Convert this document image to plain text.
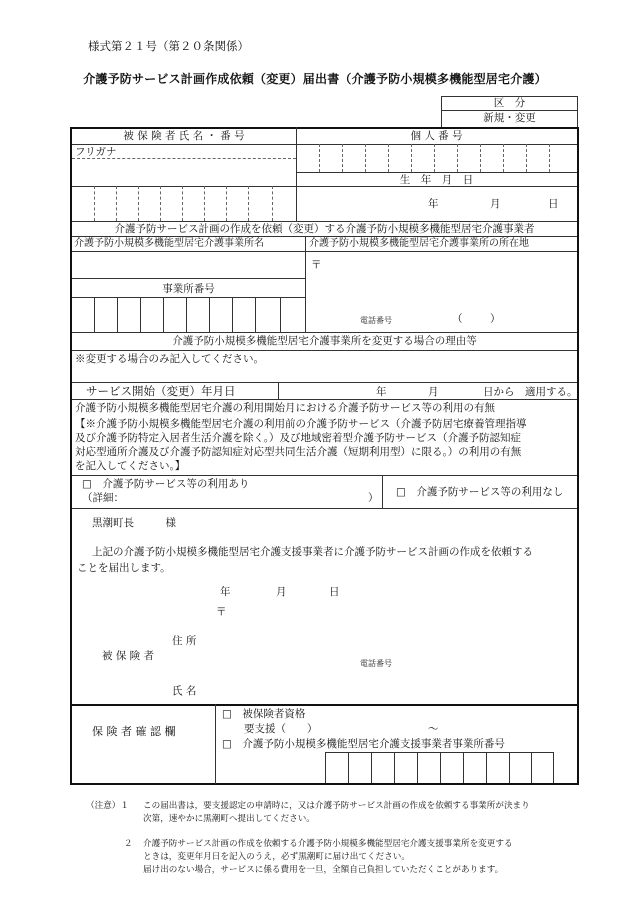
様式第２１号（第２０条関係）
介護予防サービス計画作成依頼（変更）届出書（介護予防小規模多機能型居宅介護）
区　分
新規・変更
被 保 険 者 氏 名 ・ 番 号	個 人 番 号
フリガナ
生　年　月　日
年	月	日
介護予防サービス計画の作成を依頼（変更）する介護予防小規模多機能型居宅介護事業者
介護予防小規模多機能型居宅介護事業所名	介護予防小規模多機能型居宅介護事業所の所在地
〒
事業所番号
電話番号	（	）
介護予防小規模多機能型居宅介護事業所を変更する場合の理由等
※変更する場合のみ記入してください。
サービス開始（変更）年月日	年	月	日から　適用する。
介護予防小規模多機能型居宅介護の利用開始月における介護予防サービス等の利用の有無
【※介護予防小規模多機能型居宅介護の利用前の介護予防サービス（介護予防居宅療養管理指導
及び介護予防特定入居者生活介護を除く。）及び地域密着型介護予防サービス（介護予防認知症
対応型通所介護及び介護予防認知症対応型共同生活介護（短期利用型）に限る。）の利用の有無
を記入してください。】
□　介護予防サービス等の利用あり
（詳細：	） □　介護予防サービス等の利用なし
黒潮町長　　　様
上記の介護予防小規模多機能型居宅介護支援事業者に介護予防サービス計画の作成を依頼する
ことを届出します。
年	月	日
〒
住 所
被 保 険 者
電話番号
氏 名
保 険 者 確 認 欄
□　被保険者資格
要支援（　　）	～
□　介護予防小規模多機能型居宅介護支援事業者事業所番号
（注意）１ この届出書は，要支援認定の申請時に，又は介護予防サービス計画の作成を依頼する事業所が決まり
次第，速やかに黒潮町へ提出してください。
２ 介護予防サービス計画の作成を依頼する介護予防小規模多機能型居宅介護支援事業所を変更する
ときは，変更年月日を記入のうえ，必ず黒潮町に届け出てください。
届け出のない場合，サービスに係る費用を一旦，全額自己負担していただくことがあります。
